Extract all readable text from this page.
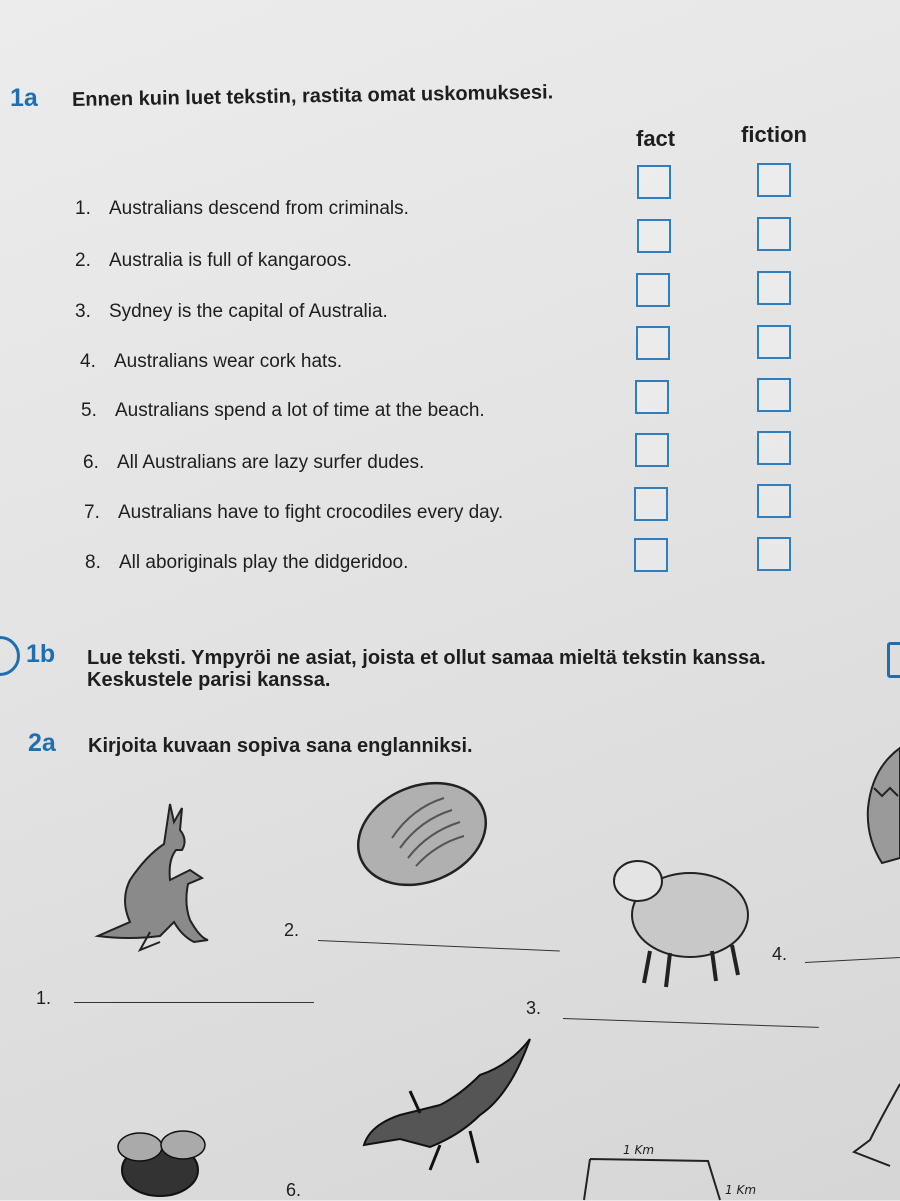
1a Ennen kuin luet tekstin, rastita omat uskomuksesi.
fact	fiction
1. Australians descend from criminals.
2. Australia is full of kangaroos.
3. Sydney is the capital of Australia.
4. Australians wear cork hats.
5. Australians spend a lot of time at the beach.
6. All Australians are lazy surfer dudes.
7. Australians have to fight crocodiles every day.
8. All aboriginals play the didgeridoo.
1b Lue teksti. Ympyröi ne asiat, joista et ollut samaa mieltä tekstin kanssa.
Keskustele parisi kanssa.
2a Kirjoita kuvaan sopiva sana englanniksi.
1 Km
1 Km
1.
2.
3.
4.
6.
